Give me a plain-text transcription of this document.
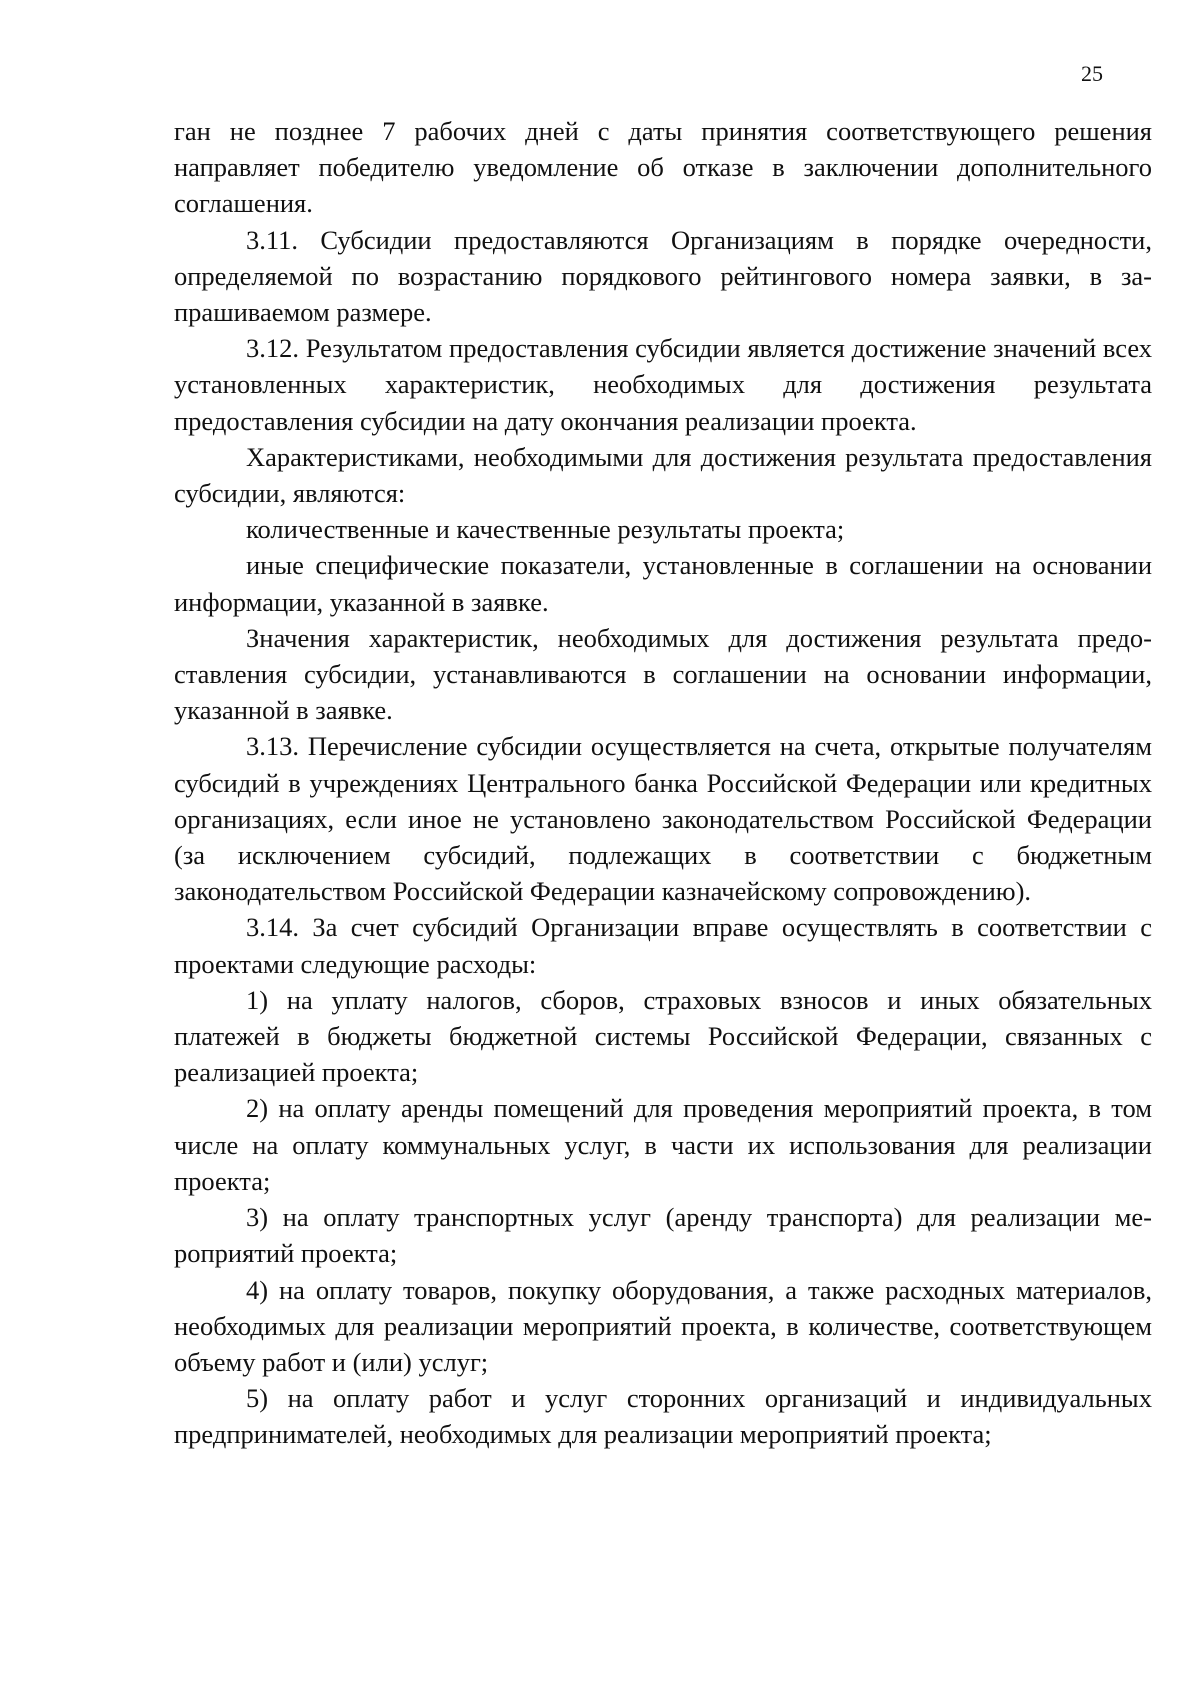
25

ган не позднее 7 рабочих дней с даты принятия соответствующего решения направляет победителю уведомление об отказе в заключении дополнительного соглашения.

3.11. Субсидии предоставляются Организациям в порядке очередности, определяемой по возрастанию порядкового рейтингового номера заявки, в запрашиваемом размере.

3.12. Результатом предоставления субсидии является достижение значений всех установленных характеристик, необходимых для достижения результата предоставления субсидии на дату окончания реализации проекта.

Характеристиками, необходимыми для достижения результата предоставления субсидии, являются:

количественные и качественные результаты проекта;

иные специфические показатели, установленные в соглашении на основании информации, указанной в заявке.

Значения характеристик, необходимых для достижения результата предоставления субсидии, устанавливаются в соглашении на основании информации, указанной в заявке.

3.13. Перечисление субсидии осуществляется на счета, открытые получателям субсидий в учреждениях Центрального банка Российской Федерации или кредитных организациях, если иное не установлено законодательством Российской Федерации (за исключением субсидий, подлежащих в соответствии с бюджетным законодательством Российской Федерации казначейскому сопровождению).

3.14. За счет субсидий Организации вправе осуществлять в соответствии с проектами следующие расходы:

1) на уплату налогов, сборов, страховых взносов и иных обязательных платежей в бюджеты бюджетной системы Российской Федерации, связанных с реализацией проекта;

2) на оплату аренды помещений для проведения мероприятий проекта, в том числе на оплату коммунальных услуг, в части их использования для реализации проекта;

3) на оплату транспортных услуг (аренду транспорта) для реализации мероприятий проекта;

4) на оплату товаров, покупку оборудования, а также расходных материалов, необходимых для реализации мероприятий проекта, в количестве, соответствующем объему работ и (или) услуг;

5) на оплату работ и услуг сторонних организаций и индивидуальных предпринимателей, необходимых для реализации мероприятий проекта;
